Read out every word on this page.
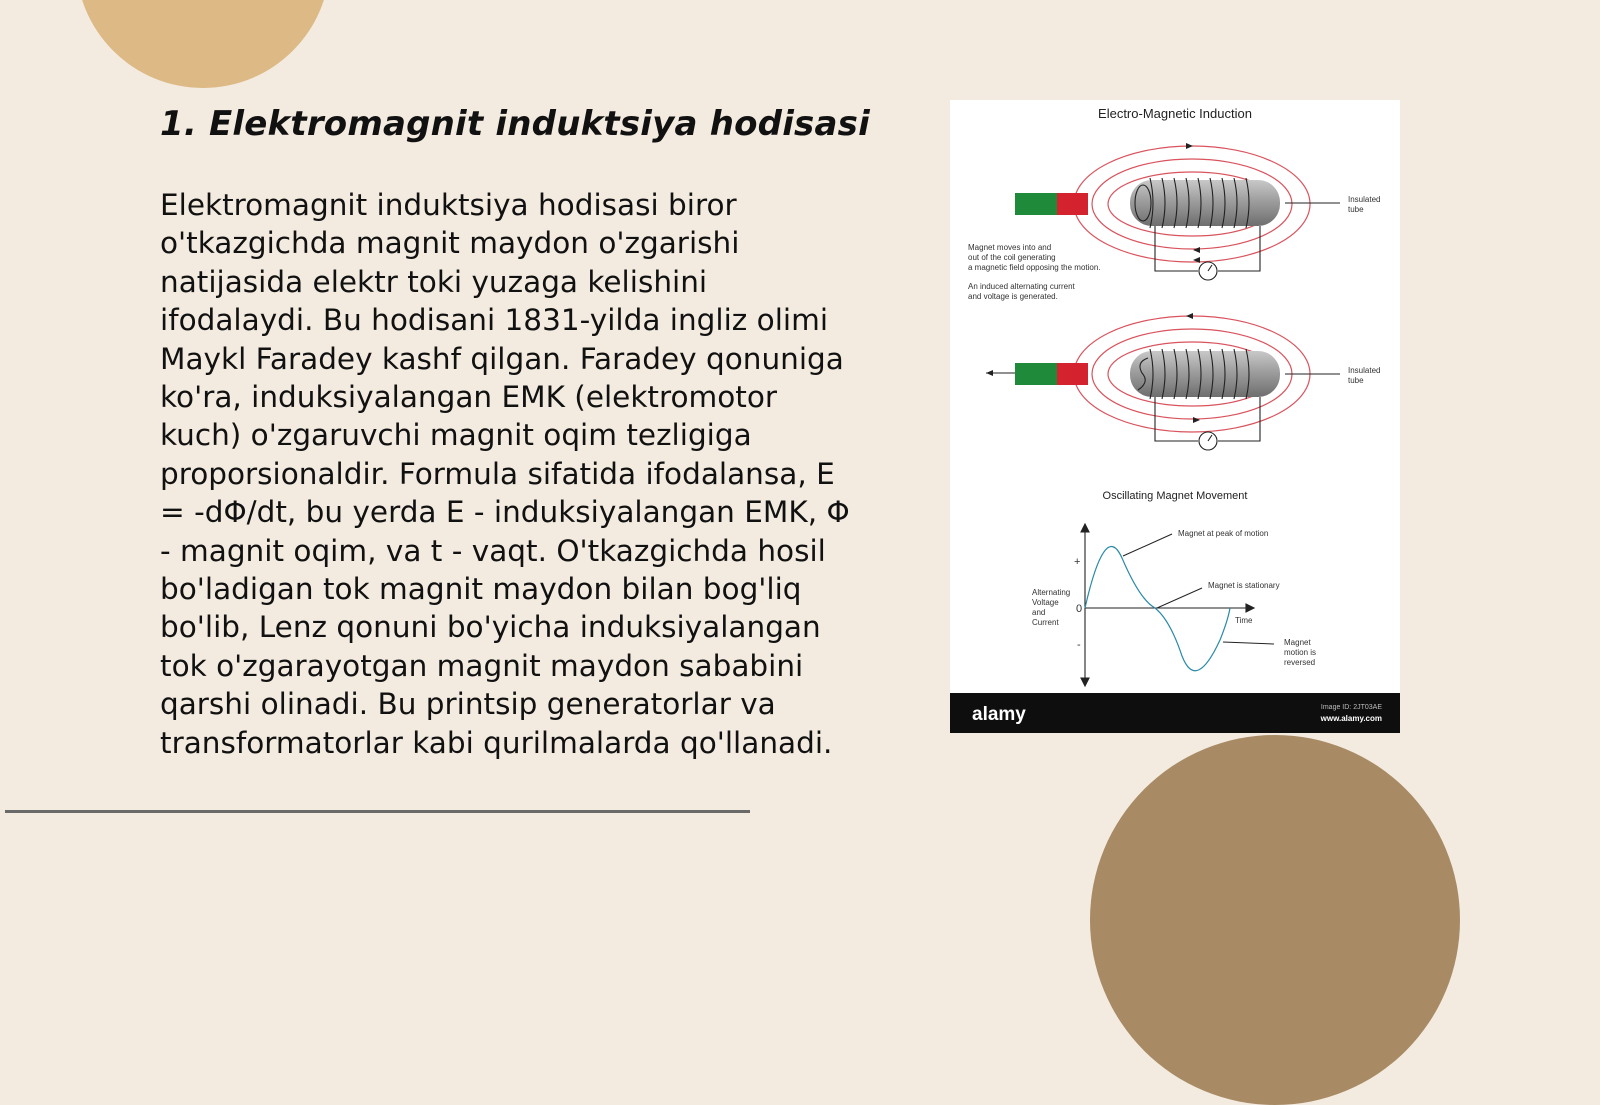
1. Elektromagnit induktsiya hodisasi

Elektromagnit induktsiya hodisasi biror o'tkazgichda magnit maydon o'zgarishi natijasida elektr toki yuzaga kelishini ifodalaydi. Bu hodisani 1831-yilda ingliz olimi Maykl Faradey kashf qilgan. Faradey qonuniga ko'ra, induksiyalangan EMK (elektromotor kuch) o'zgaruvchi magnit oqim tezligiga proporsionaldir. Formula sifatida ifodalansa, E = -dΦ/dt, bu yerda E - induksiyalangan EMK, Φ - magnit oqim, va t - vaqt. O'tkazgichda hosil bo'ladigan tok magnit maydon bilan bog'liq bo'lib, Lenz qonuni bo'yicha induksiyalangan tok o'zgarayotgan magnit maydon sababini qarshi olinadi. Bu printsip generatorlar va transformatorlar kabi qurilmalarda qo'llanadi.

Electro-Magnetic Induction
Insulated
tube
Magnet moves into and
out of the coil generating
a magnetic field opposing the motion.
An induced alternating current
and voltage is generated.
Insulated
tube
Oscillating Magnet Movement
Magnet at peak of motion
Magnet is stationary
Magnet
motion is
reversed
Alternating
Voltage
and
Current
+
0
-
Time
alamy	Image ID: 2JT03AE
www.alamy.com
